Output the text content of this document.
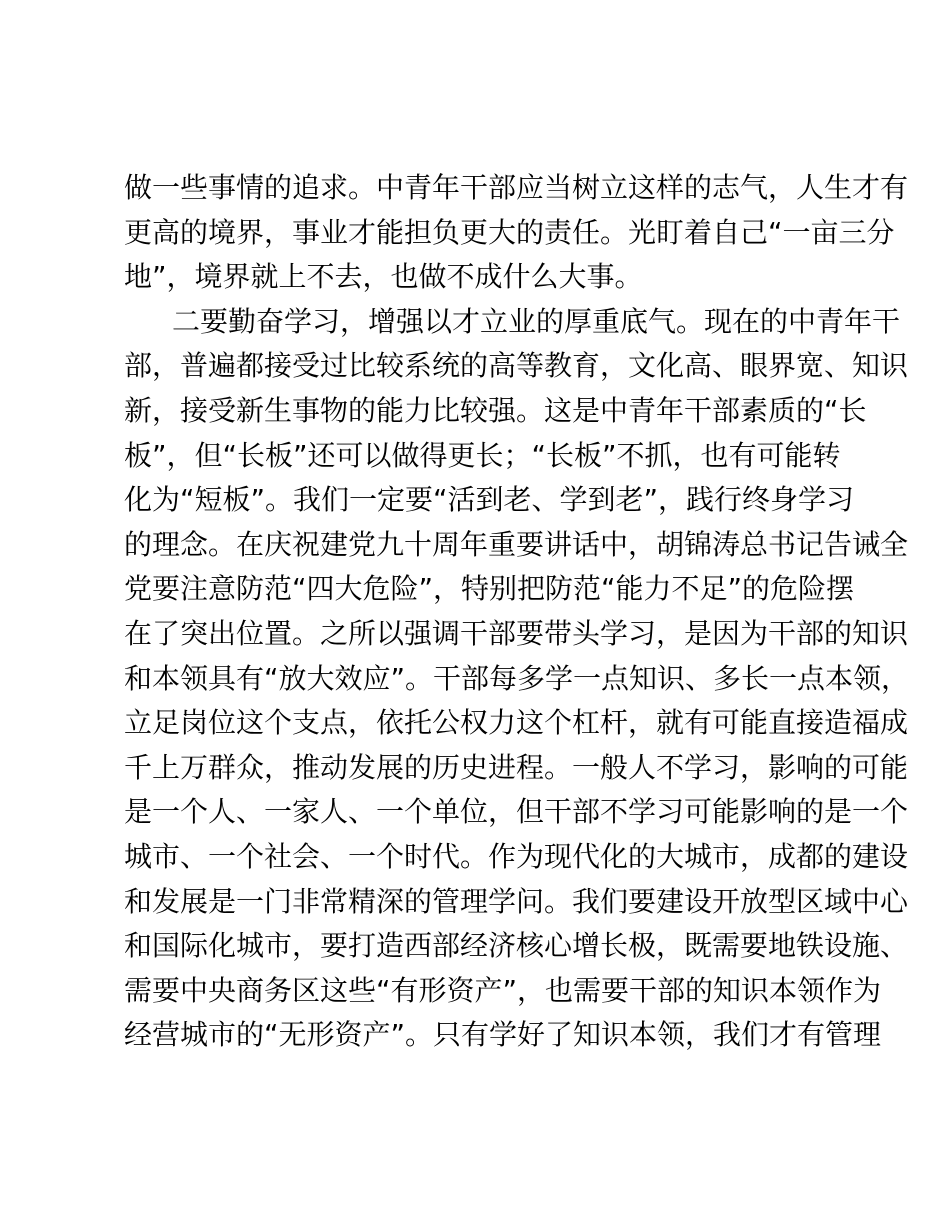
做一些事情的追求。中青年干部应当树立这样的志气，人生才有

更高的境界，事业才能担负更大的责任。光盯着自己“一亩三分

地”，境界就上不去，也做不成什么大事。

二要勤奋学习，增强以才立业的厚重底气。现在的中青年干

部，普遍都接受过比较系统的高等教育，文化高、眼界宽、知识

新，接受新生事物的能力比较强。这是中青年干部素质的“长

板”，但“长板”还可以做得更长；“长板”不抓，也有可能转

化为“短板”。我们一定要“活到老、学到老”，践行终身学习

的理念。在庆祝建党九十周年重要讲话中，胡锦涛总书记告诫全

党要注意防范“四大危险”，特别把防范“能力不足”的危险摆

在了突出位置。之所以强调干部要带头学习，是因为干部的知识

和本领具有“放大效应”。干部每多学一点知识、多长一点本领，

立足岗位这个支点，依托公权力这个杠杆，就有可能直接造福成

千上万群众，推动发展的历史进程。一般人不学习，影响的可能

是一个人、一家人、一个单位，但干部不学习可能影响的是一个

城市、一个社会、一个时代。作为现代化的大城市，成都的建设

和发展是一门非常精深的管理学问。我们要建设开放型区域中心

和国际化城市，要打造西部经济核心增长极，既需要地铁设施、

需要中央商务区这些“有形资产”，也需要干部的知识本领作为

经营城市的“无形资产”。只有学好了知识本领，我们才有管理
